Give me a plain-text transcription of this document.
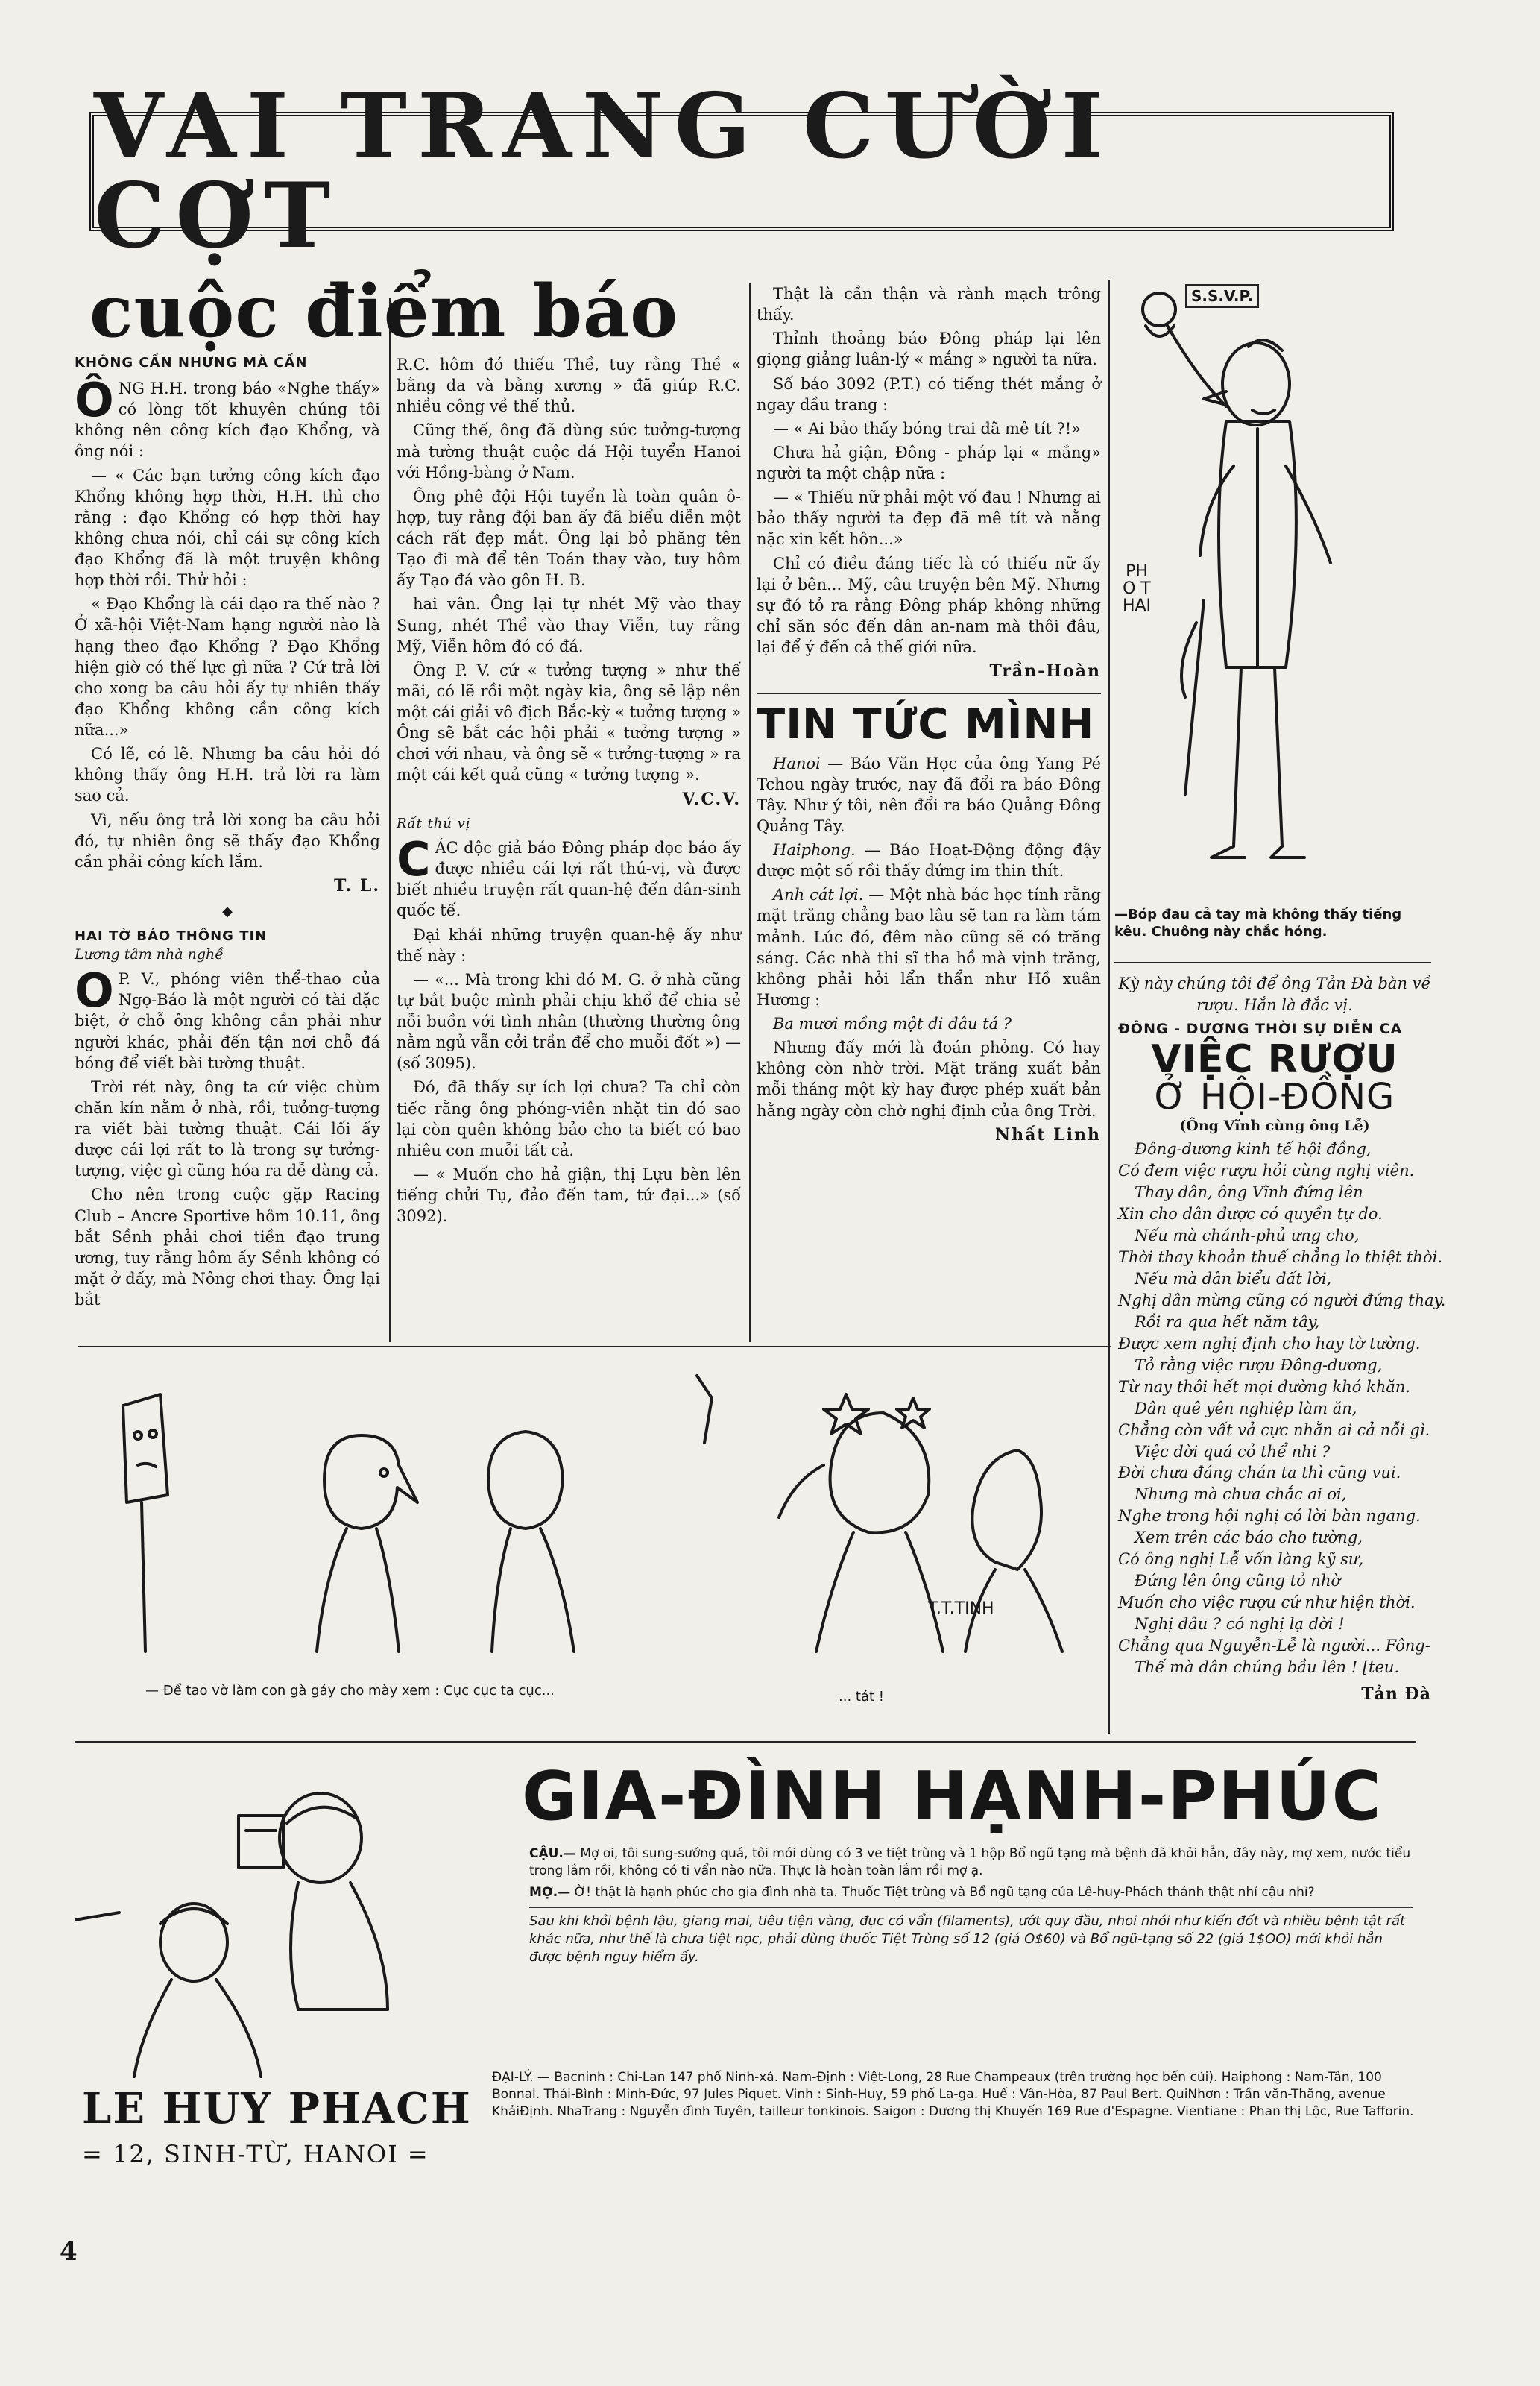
VAI TRANG CƯỜI CỢT
cuộc điểm báo
KHÔNG CẦN NHƯNG MÀ CẦN

ÔNG H.H. trong báo «Nghe thấy» có lòng tốt khuyên chúng tôi không nên công kích đạo Khổng, và ông nói :

— « Các bạn tưởng công kích đạo Khổng không hợp thời, H.H. thì cho rằng : đạo Khổng có hợp thời hay không chưa nói, chỉ cái sự công kích đạo Khổng đã là một truyện không hợp thời rồi. Thử hỏi :

« Đạo Khổng là cái đạo ra thế nào ? Ở xã-hội Việt-Nam hạng người nào là hạng theo đạo Khổng ? Đạo Khổng hiện giờ có thế lực gì nữa ? Cứ trả lời cho xong ba câu hỏi ấy tự nhiên thấy đạo Khổng không cần công kích nữa...»

Có lẽ, có lẽ. Nhưng ba câu hỏi đó không thấy ông H.H. trả lời ra làm sao cả.

Vì, nếu ông trả lời xong ba câu hỏi đó, tự nhiên ông sẽ thấy đạo Khổng cần phải công kích lắm.

T. L.
◆
HAI TỜ BÁO THÔNG TIN
Lương tâm nhà nghề

O P. V., phóng viên thể-thao của Ngọ-Báo là một người có tài đặc biệt, ở chỗ ông không cần phải như người khác, phải đến tận nơi chỗ đá bóng để viết bài tường thuật.

Trời rét này, ông ta cứ việc chùm chăn kín nằm ở nhà, rồi, tưởng-tượng ra viết bài tường thuật. Cái lối ấy được cái lợi rất to là trong sự tưởng-tượng, việc gì cũng hóa ra dễ dàng cả.

Cho nên trong cuộc gặp Racing Club – Ancre Sportive hôm 10.11, ông bắt Sềnh phải chơi tiền đạo trung ương, tuy rằng hôm ấy Sềnh không có mặt ở đấy, mà Nông chơi thay. Ông lại bắt

R.C. hôm đó thiếu Thề, tuy rằng Thề « bằng da và bằng xương » đã giúp R.C. nhiều công về thế thủ.

Cũng thế, ông đã dùng sức tưởng-tượng mà tường thuật cuộc đá Hội tuyển Hanoi với Hồng-bàng ở Nam.

Ông phê đội Hội tuyển là toàn quân ô-hợp, tuy rằng đội ban ấy đã biểu diễn một cách rất đẹp mắt. Ông lại bỏ phăng tên Tạo đi mà để tên Toán thay vào, tuy hôm ấy Tạo đá vào gôn H. B.

hai vân. Ông lại tự nhét Mỹ vào thay Sung, nhét Thề vào thay Viễn, tuy rằng Mỹ, Viễn hôm đó có đá.

Ông P. V. cứ « tưởng tượng » như thế mãi, có lẽ rồi một ngày kia, ông sẽ lập nên một cái giải vô địch Bắc-kỳ « tưởng tượng » Ông sẽ bắt các hội phải « tưởng tượng » chơi với nhau, và ông sẽ « tưởng-tượng » ra một cái kết quả cũng « tưởng tượng ».

V.C.V.
Rất thú vị

CÁC độc giả báo Đông pháp đọc báo ấy được nhiều cái lợi rất thú-vị, và được biết nhiều truyện rất quan-hệ đến dân-sinh quốc tế.

Đại khái những truyện quan-hệ ấy như thế này :

— «... Mà trong khi đó M. G. ở nhà cũng tự bắt buộc mình phải chịu khổ để chia sẻ nỗi buồn với tình nhân (thường thường ông nằm ngủ vẫn cởi trần để cho muỗi đốt ») — (số 3095).

Đó, đã thấy sự ích lợi chưa? Ta chỉ còn tiếc rằng ông phóng-viên nhặt tin đó sao lại còn quên không bảo cho ta biết có bao nhiêu con muỗi tất cả.

— « Muốn cho hả giận, thị Lựu bèn lên tiếng chửi Tụ, đảo đến tam, tứ đại...» (số 3092).

Thật là cần thận và rành mạch trông thấy.

Thỉnh thoảng báo Đông pháp lại lên giọng giảng luân-lý « mắng » người ta nữa.

Số báo 3092 (P.T.) có tiếng thét mắng ở ngay đầu trang :

— « Ai bảo thấy bóng trai đã mê tít ?!»

Chưa hả giận, Đông - pháp lại « mắng» người ta một chập nữa :

— « Thiếu nữ phải một vố đau ! Nhưng ai bảo thấy người ta đẹp đã mê tít và nằng nặc xin kết hôn...»

Chỉ có điều đáng tiếc là có thiếu nữ ấy lại ở bên... Mỹ, câu truyện bên Mỹ. Nhưng sự đó tỏ ra rằng Đông pháp không những chỉ săn sóc đến dân an-nam mà thôi đâu, lại để ý đến cả thế giới nữa.

Trần-Hoàn
TIN TỨC MÌNH

Hanoi — Báo Văn Học của ông Yang Pé Tchou ngày trước, nay đã đổi ra báo Đông Tây. Như ý tôi, nên đổi ra báo Quảng Đông Quảng Tây.

Haiphong. — Báo Hoạt-Động động đậy được một số rồi thấy đứng im thin thít.

Anh cát lợi. — Một nhà bác học tính rằng mặt trăng chẳng bao lâu sẽ tan ra làm tám mảnh. Lúc đó, đêm nào cũng sẽ có trăng sáng. Các nhà thi sĩ tha hồ mà vịnh trăng, không phải hỏi lẩn thẩn như Hồ xuân Hương :

Ba mươi mồng một đi đâu tá ?

Nhưng đấy mới là đoán phỏng. Có hay không còn nhờ trời. Mặt trăng xuất bản mỗi tháng một kỳ hay được phép xuất bản hằng ngày còn chờ nghị định của ông Trời.

Nhất Linh
S.S.V.P.
PHO THAI
—Bóp đau cả tay mà không thấy tiếng kêu. Chuông này chắc hỏng.
Kỳ này chúng tôi để ông Tản Đà bàn về rượu. Hắn là đắc vị.
ĐÔNG - DƯƠNG THỜI SỰ DIỄN CA
VIỆC RƯỢU
Ở HỘI-ĐỒNG
(Ông Vĩnh cùng ông Lễ)
Đông-dương kinh tế hội đồng,
Có đem việc rượu hỏi cùng nghị viên.
Thay dân, ông Vĩnh đứng lên
Xin cho dân được có quyền tự do.
Nếu mà chánh-phủ ưng cho,
Thời thay khoản thuế chẳng lo thiệt thòi.
Nếu mà dân biểu đất lời,
Nghị dân mừng cũng có người đứng thay.
Rồi ra qua hết năm tây,
Được xem nghị định cho hay tờ tường.
Tỏ rằng việc rượu Đông-dương,
Từ nay thôi hết mọi đường khó khăn.
Dân quê yên nghiệp làm ăn,
Chẳng còn vất vả cực nhằn ai cả nỗi gì.
Việc đời quá cỏ thể nhi ?
Đời chưa đáng chán ta thì cũng vui.
Nhưng mà chưa chắc ai ơi,
Nghe trong hội nghị có lời bàn ngang.
Xem trên các báo cho tường,
Có ông nghị Lễ vốn làng kỹ sư,
Đứng lên ông cũng tỏ nhờ
Muốn cho việc rượu cứ như hiện thời.
Nghị đâu ? có nghị lạ đời !
Chẳng qua Nguyễn-Lễ là người... Fông-
Thế mà dân chúng bầu lên ! [teu.
Tản Đà
T.T.TINH
— Để tao vờ làm con gà gáy cho mày xem : Cục cục ta cục...	... tát !
GIA-ĐÌNH HẠNH-PHÚC
CẬU.— Mợ ơi, tôi sung-sướng quá, tôi mới dùng có 3 ve tiệt trùng và 1 hộp Bổ ngũ tạng mà bệnh đã khỏi hẳn, đây này, mợ xem, nước tiểu trong lắm rồi, không có ti vẩn nào nữa. Thực là hoàn toàn lắm rồi mợ ạ.
MỢ.— Ờ! thật là hạnh phúc cho gia đình nhà ta. Thuốc Tiệt trùng và Bổ ngũ tạng của Lê-huy-Phách thánh thật nhỉ cậu nhỉ?
Sau khi khỏi bệnh lậu, giang mai, tiêu tiện vàng, đục có vẩn (filaments), ướt quy đầu, nhoi nhói như kiến đốt và nhiều bệnh tật rất khác nữa, như thế là chưa tiệt nọc, phải dùng thuốc Tiệt Trùng số 12 (giá O$60) và Bổ ngũ-tạng số 22 (giá 1$OO) mới khỏi hẳn được bệnh nguy hiểm ấy.
LE HUY PHACH
= 12, SINH-TỪ, HANOI =
ĐẠI-LÝ. — Bacninh : Chi-Lan 147 phố Ninh-xá. Nam-Định : Việt-Long, 28 Rue Champeaux (trên trường học bến củi). Haiphong : Nam-Tân, 100 Bonnal. Thái-Bình : Minh-Đức, 97 Jules Piquet. Vinh : Sinh-Huy, 59 phố La-ga. Huế : Vân-Hòa, 87 Paul Bert. QuiNhơn : Trần văn-Thăng, avenue KhảiĐịnh. NhaTrang : Nguyễn đình Tuyên, tailleur tonkinois. Saigon : Dương thị Khuyến 169 Rue d'Espagne. Vientiane : Phan thị Lộc, Rue Tafforin.
4
